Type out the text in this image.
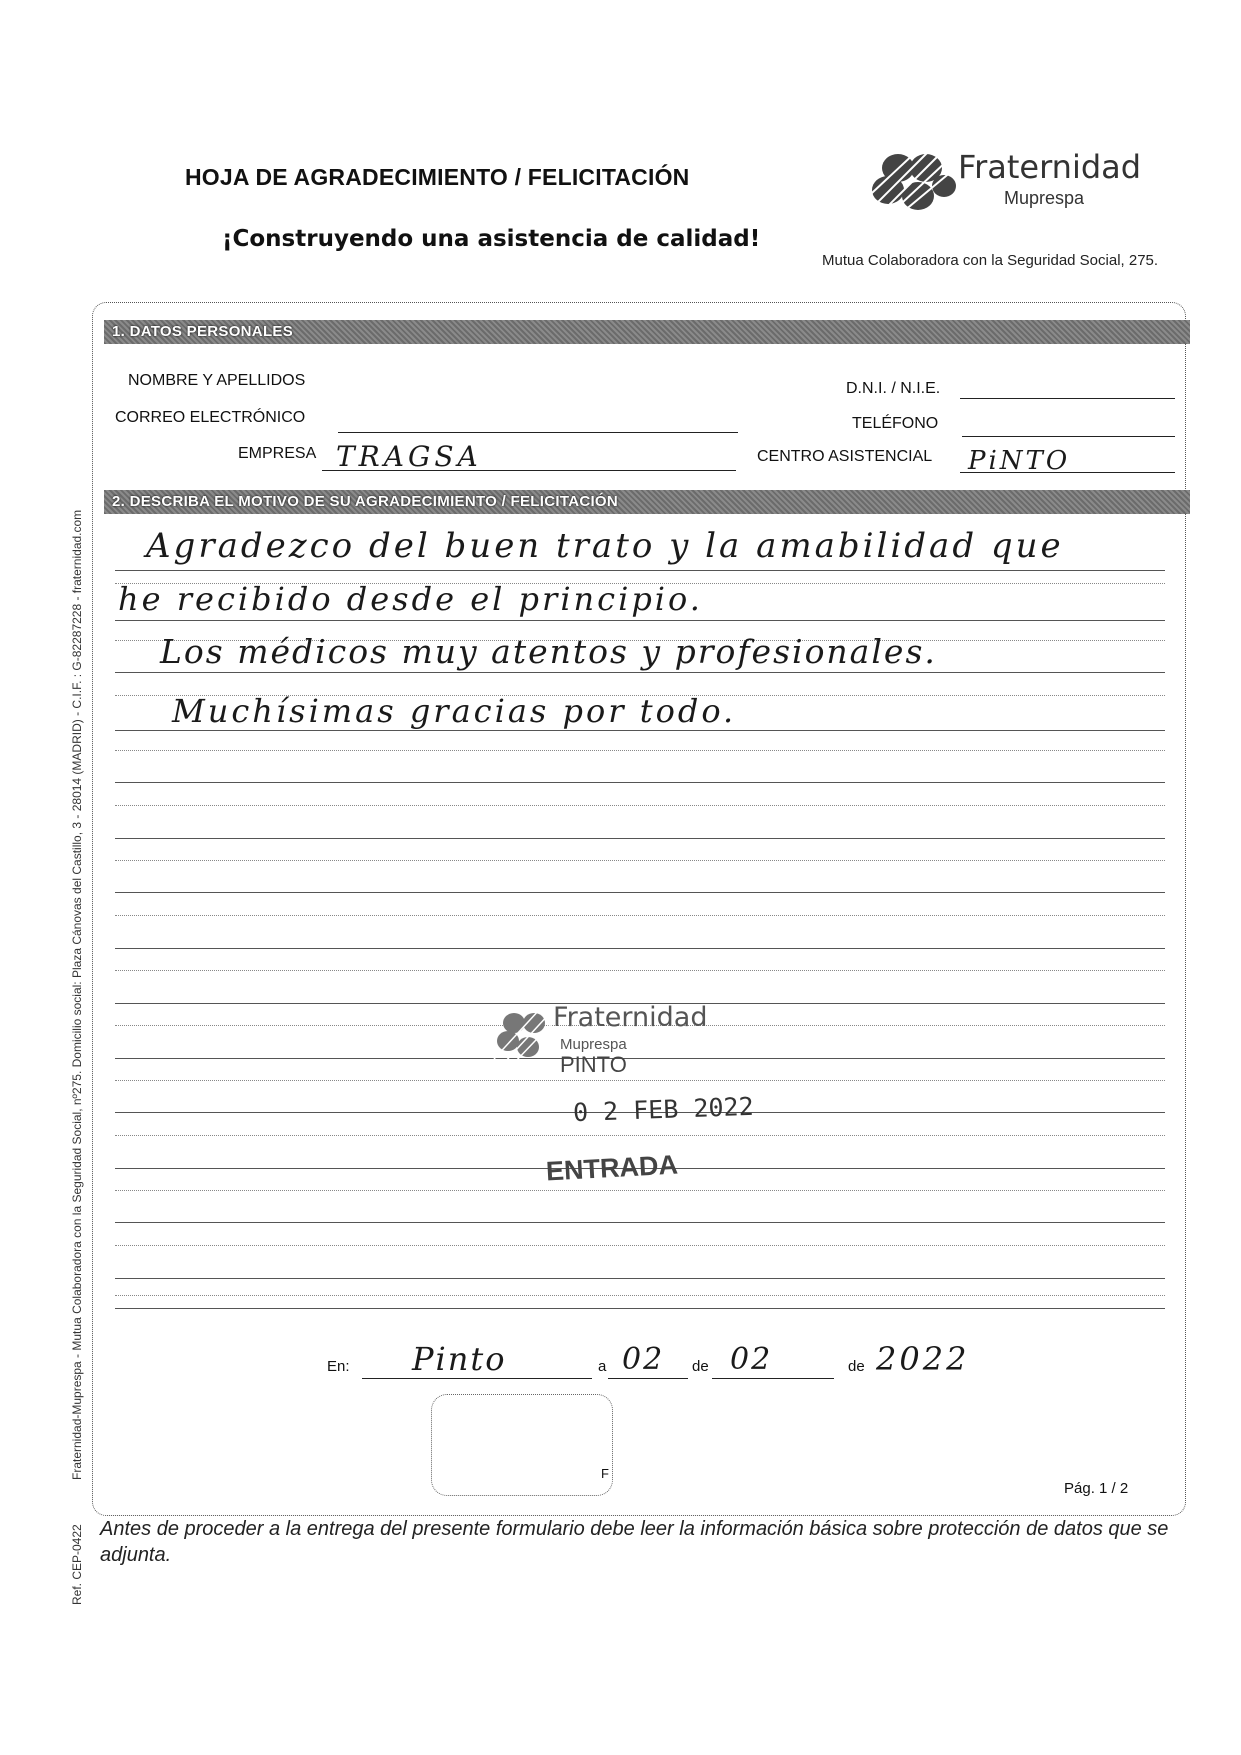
HOJA DE AGRADECIMIENTO / FELICITACIÓN
¡Construyendo una asistencia de calidad!
Fraternidad
Muprespa
Mutua Colaboradora con la Seguridad Social, 275.
1. DATOS PERSONALES
NOMBRE Y APELLIDOS	D.N.I. / N.I.E.
CORREO ELECTRÓNICO	TELÉFONO
EMPRESA TRAGSA	CENTRO ASISTENCIAL PiNTO
2. DESCRIBA EL MOTIVO DE SU AGRADECIMIENTO / FELICITACIÓN
Agradezco del buen trato y la amabilidad que
he recibido desde el principio.
Los médicos muy atentos y profesionales.
Muchísimas gracias por todo.
Fraternidad
Muprespa
PINTO
0 2 FEB 2022
ENTRADA
En: Pinto	a 02 de 02	de 2022
F
Pág. 1 / 2
Antes de proceder a la entrega del presente formulario debe leer la información básica sobre protección de datos que se adjunta.
Fraternidad-Muprespa - Mutua Colaboradora con la Seguridad Social, nº275. Domicilio social: Plaza Cánovas del Castillo, 3 - 28014 (MADRID) - C.I.F. : G-82287228 - fraternidad.com
Ref. CEP-0422
